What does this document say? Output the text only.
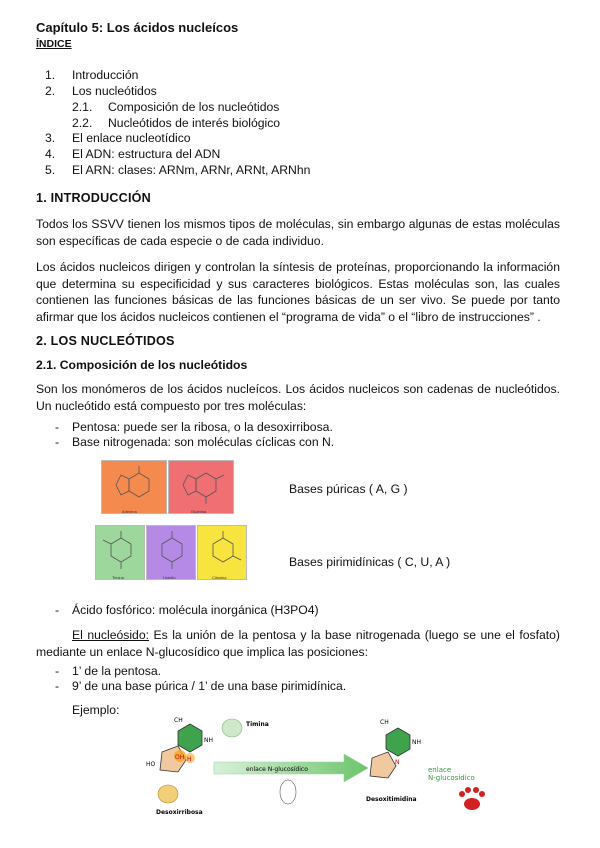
Capítulo 5: Los ácidos nucleícos
ÍNDICE
1. Introducción
2. Los nucleótidos
2.1. Composición de los nucleótidos
2.2. Nucleótidos de interés biológico
3. El enlace nucleotídico
4. El ADN: estructura del ADN
5. El ARN: clases: ARNm, ARNr, ARNt, ARNhn
1. INTRODUCCIÓN
Todos los SSVV tienen los mismos tipos de moléculas, sin embargo algunas de estas moléculas son específicas de cada especie o de cada individuo.
Los ácidos nucleicos dirigen y controlan la síntesis de proteínas, proporcionando la información que determina su especificidad y sus caracteres biológicos. Estas moléculas son, las cuales contienen las funciones básicas de las funciones básicas de un ser vivo. Se puede por tanto afirmar que los ácidos nucleicos contienen el “programa de vida” o el “libro de instrucciones” .
2. LOS NUCLEÓTIDOS
2.1. Composición de los nucleótidos
Son los monómeros de los ácidos nucleícos. Los ácidos nucleicos son cadenas de nucleótidos. Un nucleótido está compuesto por tres moléculas:
- Pentosa: puede ser la ribosa, o la desoxirribosa.
- Base nitrogenada: son moléculas cíclicas con N.
Adenina	Guanina
Timina	Uracilo	Citosina
Bases púricas ( A, G )
Bases pirimidínicas ( C, U, A )
- Ácido fosfórico: molécula inorgánica (H3PO4)
El nucleósido: Es la unión de la pentosa y la base nitrogenada (luego se une el fosfato) mediante un enlace N-glucosídico que implica las posiciones:
- 1’ de la pentosa.
- 9’ de una base púrica / 1’ de una base pirimidínica.
Ejemplo:
CH
NH
OH H
HO
Timina
Desoxirribosa
enlace N-glucosídico
CH
NH
N
enlace
N-glucosídico
Desoxitimidina
